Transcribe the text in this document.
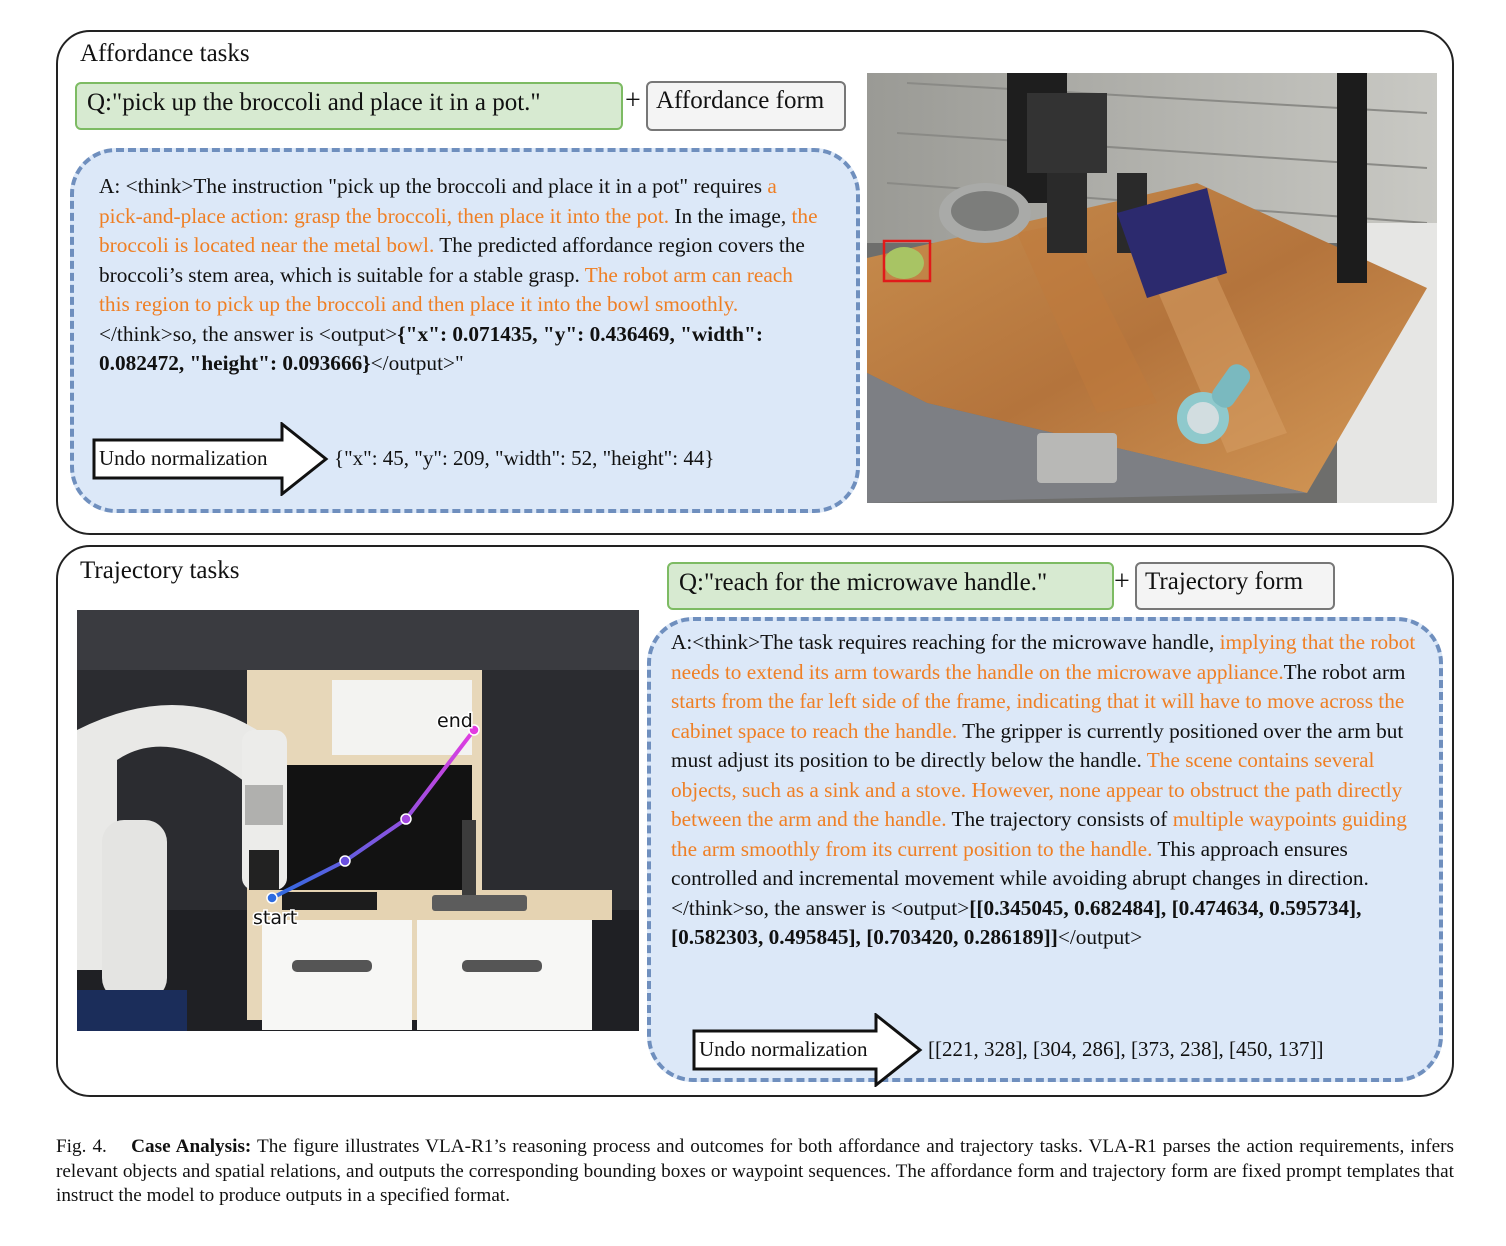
Affordance tasks
Q:"pick up the broccoli and place it in a pot."	+ Affordance form
A: <think>The instruction "pick up the broccoli and place it in a pot" requires a pick-and-place action: grasp the broccoli, then place it into the pot. In the image, the broccoli is located near the metal bowl. The predicted affordance region covers the broccoli’s stem area, which is suitable for a stable grasp. The robot arm can reach this region to pick up the broccoli and then place it into the bowl smoothly.</think>so, the answer is <output>{"x": 0.071435, "y": 0.436469, "width": 0.082472, "height": 0.093666}</output>"
Undo normalization	{"x": 45, "y": 209, "width": 52, "height": 44}
Trajectory tasks	Q:"reach for the microwave handle."	+ Trajectory form
A:<think>The task requires reaching for the microwave handle, implying that the robot needs to extend its arm towards the handle on the microwave appliance.The robot arm starts from the far left side of the frame, indicating that it will have to move across the cabinet space to reach the handle. The gripper is currently positioned over the arm but must adjust its position to be directly below the handle. The scene contains several objects, such as a sink and a stove. However, none appear to obstruct the path directly between the arm and the handle. The trajectory consists of multiple waypoints guiding the arm smoothly from its current position to the handle. This approach ensures controlled and incremental movement while avoiding abrupt changes in direction.</think>so, the answer is <output>[[0.345045, 0.682484], [0.474634, 0.595734], [0.582303, 0.495845], [0.703420, 0.286189]]</output>
Undo normalization	[[221, 328], [304, 286], [373, 238], [450, 137]]
start
end
Fig. 4. Case Analysis: The figure illustrates VLA-R1’s reasoning process and outcomes for both affordance and trajectory tasks. VLA-R1 parses the action requirements, infers relevant objects and spatial relations, and outputs the corresponding bounding boxes or waypoint sequences. The affordance form and trajectory form are fixed prompt templates that instruct the model to produce outputs in a specified format.
